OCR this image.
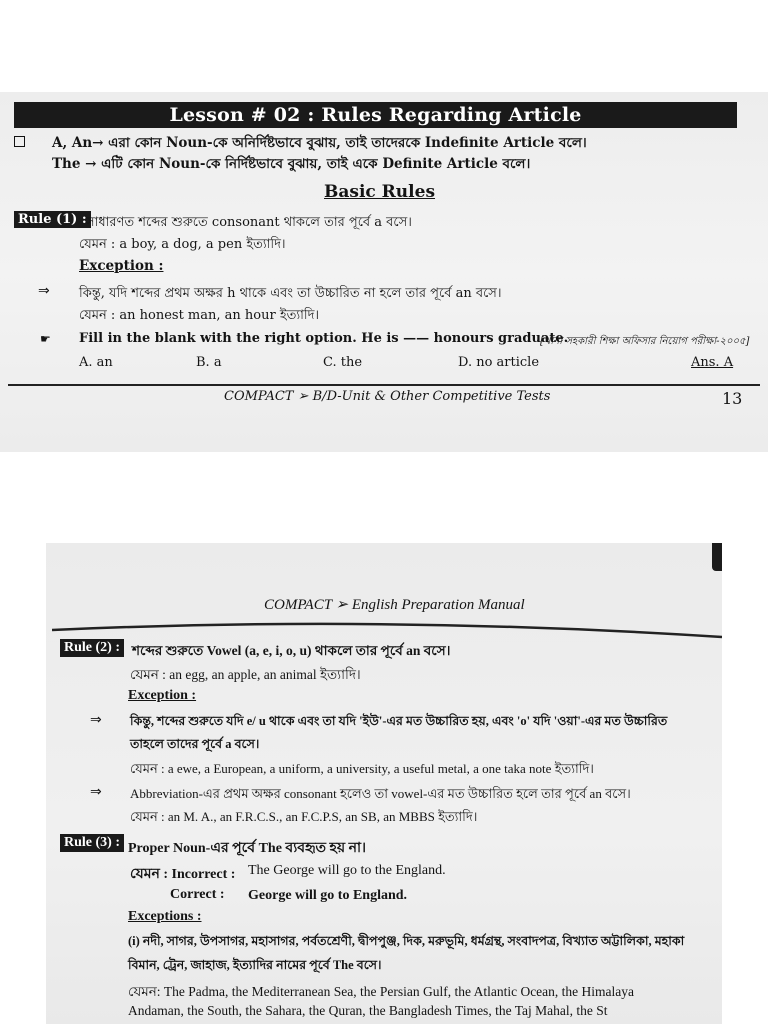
Lesson # 02 : Rules Regarding Article
A, An→ এরা কোন Noun-কে অনির্দিষ্টভাবে বুঝায়, তাই তাদেরকে Indefinite Article বলে।
The → এটি কোন Noun-কে নির্দিষ্টভাবে বুঝায়, তাই একে Definite Article বলে।
Basic Rules
Rule (1) : সাধারণত শব্দের শুরুতে consonant থাকলে তার পূর্বে a বসে।
যেমন : a boy, a dog, a pen ইত্যাদি।
Exception :
⇒ কিন্তু, যদি শব্দের প্রথম অক্ষর h থাকে এবং তা উচ্চারিত না হলে তার পূর্বে an বসে।
যেমন : an honest man, an hour ইত্যাদি।
☛ Fill in the blank with the right option. He is —— honours graduate.
[থানা সহকারী শিক্ষা অফিসার নিয়োগ পরীক্ষা-২০০৫]
A. an	B. a	C. the	D. no article	Ans. A
COMPACT ➢ B/D-Unit & Other Competitive Tests	13
COMPACT ➢ English Preparation Manual
Rule (2) : শব্দের শুরুতে Vowel (a, e, i, o, u) থাকলে তার পূর্বে an বসে।
যেমন : an egg, an apple, an animal ইত্যাদি।
Exception :
⇒ কিন্তু, শব্দের শুরুতে যদি e/ u থাকে এবং তা যদি 'ইউ'-এর মত উচ্চারিত হয়, এবং 'o' যদি 'ওয়া'-এর মত উচ্চারিত
তাহলে তাদের পূর্বে a বসে।
যেমন : a ewe, a European, a uniform, a university, a useful metal, a one taka note ইত্যাদি।
⇒ Abbreviation-এর প্রথম অক্ষর consonant হলেও তা vowel-এর মত উচ্চারিত হলে তার পূর্বে an বসে।
যেমন : an M. A., an F.R.C.S., an F.C.P.S, an SB, an MBBS ইত্যাদি।
Rule (3) : Proper Noun-এর পূর্বে The ব্যবহৃত হয় না।
যেমন : Incorrect : The George will go to the England.
Correct : George will go to England.
Exceptions :
(i) নদী, সাগর, উপসাগর, মহাসাগর, পর্বতশ্রেণী, দ্বীপপুঞ্জ, দিক, মরুভূমি, ধর্মগ্রন্থ, সংবাদপত্র, বিখ্যাত অট্টালিকা, মহাকা
বিমান, ট্রেন, জাহাজ, ইত্যাদির নামের পূর্বে The বসে।
যেমন: The Padma, the Mediterranean Sea, the Persian Gulf, the Atlantic Ocean, the Himalaya
Andaman, the South, the Sahara, the Quran, the Bangladesh Times, the Taj Mahal, the St
